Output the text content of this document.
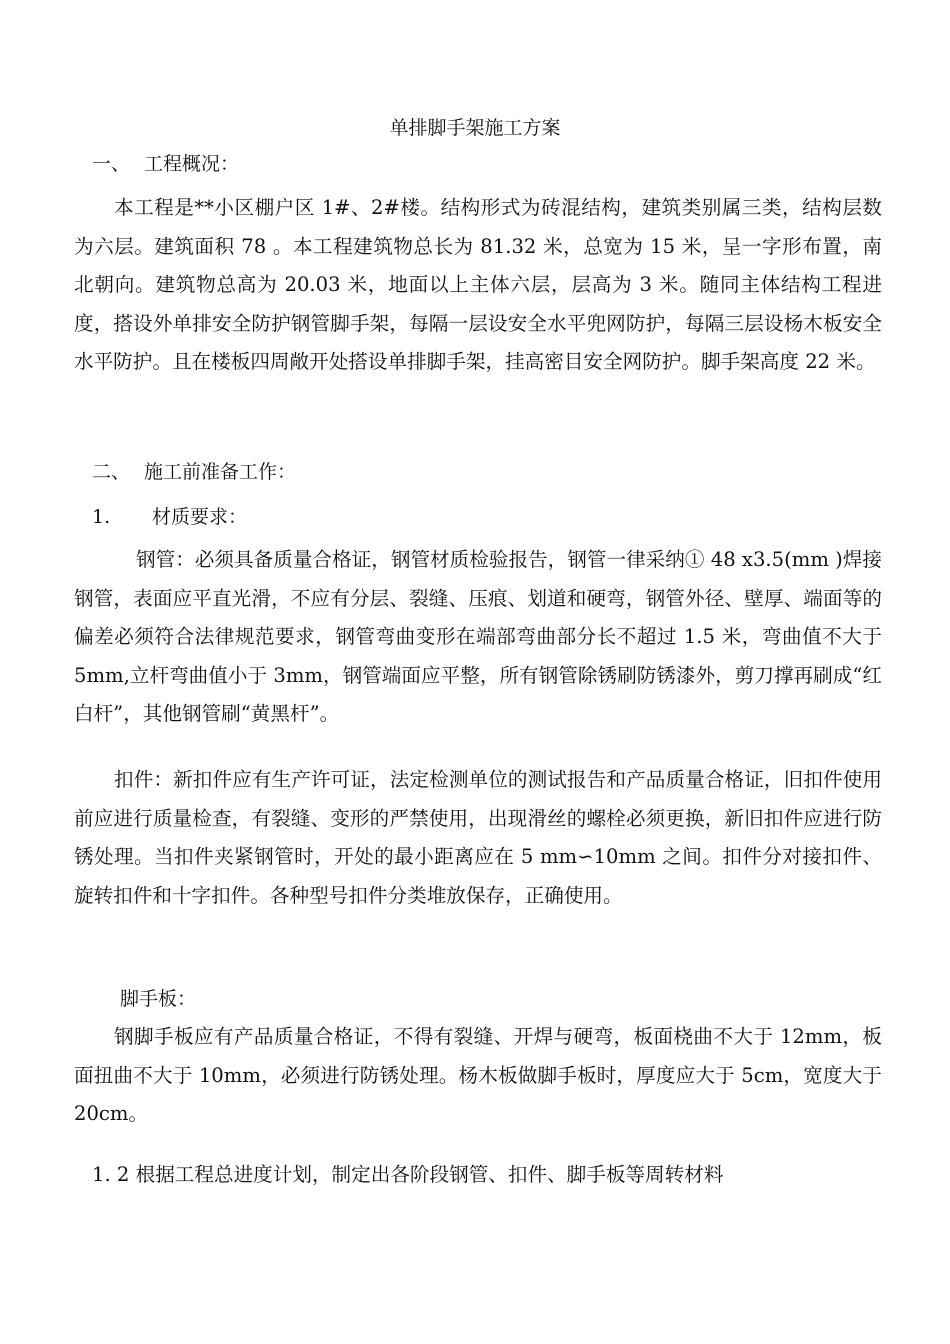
单排脚手架施工方案
一、 工程概况：

本工程是**小区棚户区 1#、2#楼。结构形式为砖混结构，建筑类别属三类，结构层数为六层。建筑面积 78 。本工程建筑物总长为 81.32 米，总宽为 15 米，呈一字形布置，南北朝向。建筑物总高为 20.03 米，地面以上主体六层，层高为 3 米。随同主体结构工程进度，搭设外单排安全防护钢管脚手架，每隔一层设安全水平兜网防护，每隔三层设杨木板安全水平防护。且在楼板四周敞开处搭设单排脚手架，挂高密目安全网防护。脚手架高度 22 米。

二、 施工前准备工作：
1. 材质要求：

钢管：必须具备质量合格证，钢管材质检验报告，钢管一律采纳① 48 x3.5(mm )焊接钢管，表面应平直光滑，不应有分层、裂缝、压痕、划道和硬弯，钢管外径、壁厚、端面等的偏差必须符合法律规范要求，钢管弯曲变形在端部弯曲部分长不超过 1.5 米，弯曲值不大于 5mm,立杆弯曲值小于 3mm，钢管端面应平整，所有钢管除锈刷防锈漆外，剪刀撑再刷成“红白杆”，其他钢管刷“黄黑杆”。

扣件：新扣件应有生产许可证，法定检测单位的测试报告和产品质量合格证，旧扣件使用前应进行质量检查，有裂缝、变形的严禁使用，出现滑丝的螺栓必须更换，新旧扣件应进行防锈处理。当扣件夹紧钢管时，开处的最小距离应在 5 mm∽10mm 之间。扣件分对接扣件、旋转扣件和十字扣件。各种型号扣件分类堆放保存，正确使用。

脚手板：

钢脚手板应有产品质量合格证，不得有裂缝、开焊与硬弯，板面桡曲不大于 12mm，板面扭曲不大于 10mm，必须进行防锈处理。杨木板做脚手板时，厚度应大于 5cm，宽度大于 20cm。

1. 2 根据工程总进度计划，制定出各阶段钢管、扣件、脚手板等周转材料
